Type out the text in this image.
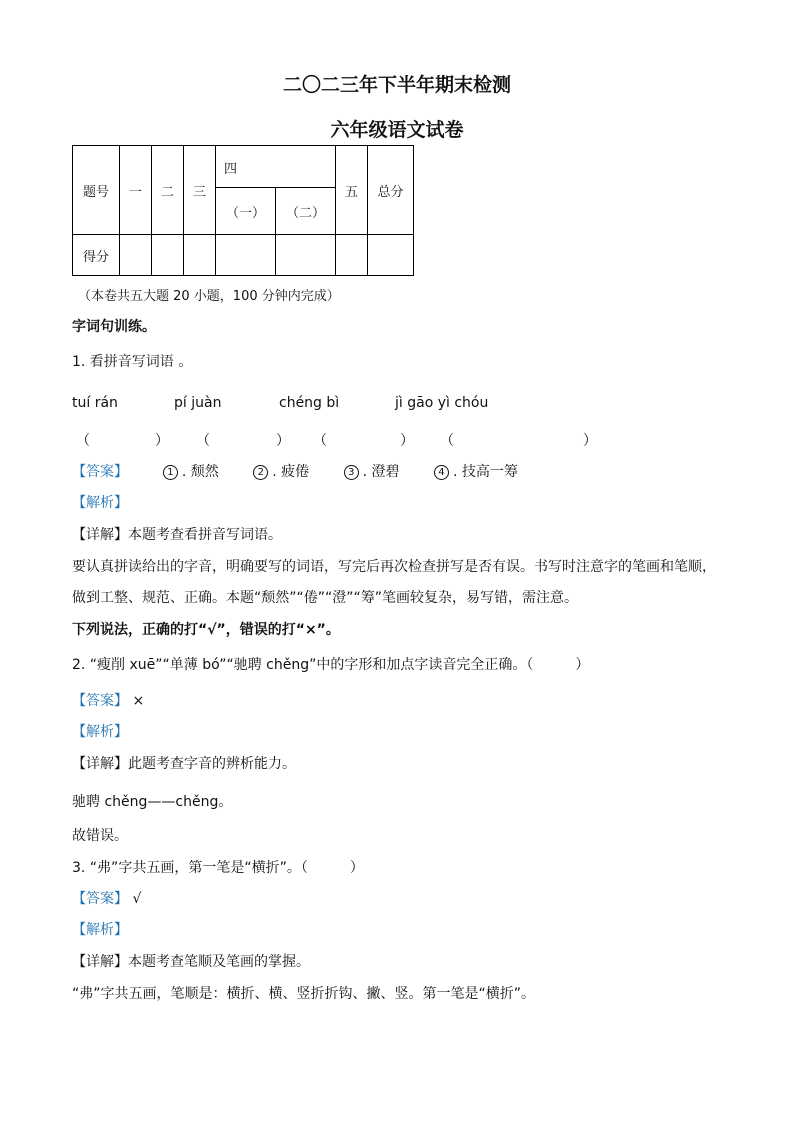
二〇二三年下半年期末检测
六年级语文试卷
题号	一	二	三	四		五	总分
				（一）	（二）		
得分							
（本卷共五大题 20 小题，100 分钟内完成）
字词句训练。
1. 看拼音写词语 。
tuí rán	pí juàn	chéng bì	jì gāo yì chóu
（	） （	） （	） （	）
【答案】	1 . 颓然	2 . 疲倦	3 . 澄碧	4 . 技高一筹
【解析】
【详解】本题考查看拼音写词语。
要认真拼读给出的字音，明确要写的词语，写完后再次检查拼写是否有误。书写时注意字的笔画和笔顺，
做到工整、规范、正确。本题“颓然”“倦”“澄”“筹”笔画较复杂，易写错，需注意。
下列说法，正确的打“√”，错误的打“×”。
2. “瘦削 xuē”“单薄 bó”“驰聘 chěng”中的字形和加点字读音完全正确。（　　　）
【答案】 ×
【解析】
【详解】此题考查字音的辨析能力。
驰聘 chěng——chěng。
故错误。
3. “弗”字共五画，第一笔是“横折”。（　　　）
【答案】 √
【解析】
【详解】本题考查笔顺及笔画的掌握。
“弗”字共五画，笔顺是：横折、横、竖折折钩、撇、竖。第一笔是“横折”。
